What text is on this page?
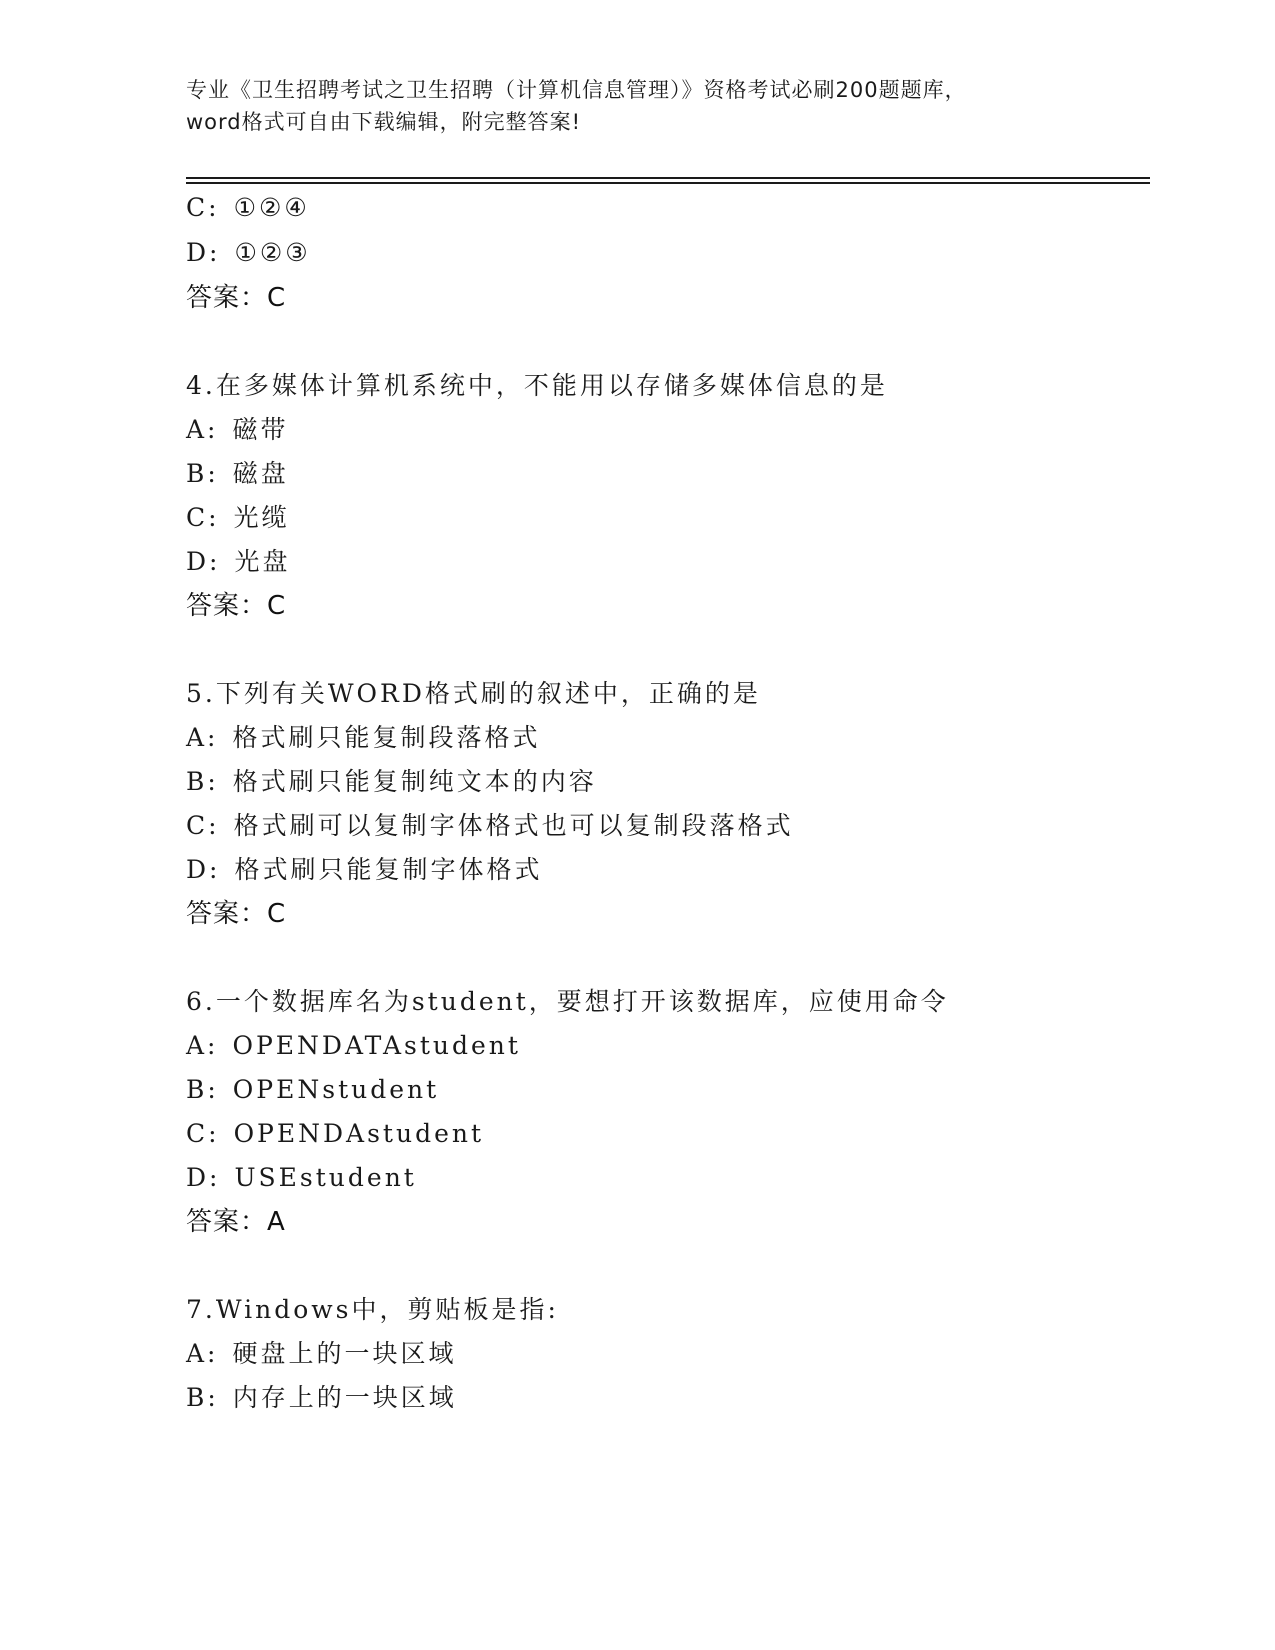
专业《卫生招聘考试之卫生招聘（计算机信息管理）》资格考试必刷200题题库，
word格式可自由下载编辑，附完整答案!
C: ①②④
D: ①②③
答案：C
4.在多媒体计算机系统中，不能用以存储多媒体信息的是
A: 磁带
B: 磁盘
C: 光缆
D: 光盘
答案：C
5.下列有关WORD格式刷的叙述中，正确的是
A: 格式刷只能复制段落格式
B: 格式刷只能复制纯文本的内容
C: 格式刷可以复制字体格式也可以复制段落格式
D: 格式刷只能复制字体格式
答案：C
6.一个数据库名为student，要想打开该数据库，应使用命令
A: OPENDATAstudent
B: OPENstudent
C: OPENDAstudent
D: USEstudent
答案：A
7.Windows中，剪贴板是指:
A: 硬盘上的一块区域
B: 内存上的一块区域
